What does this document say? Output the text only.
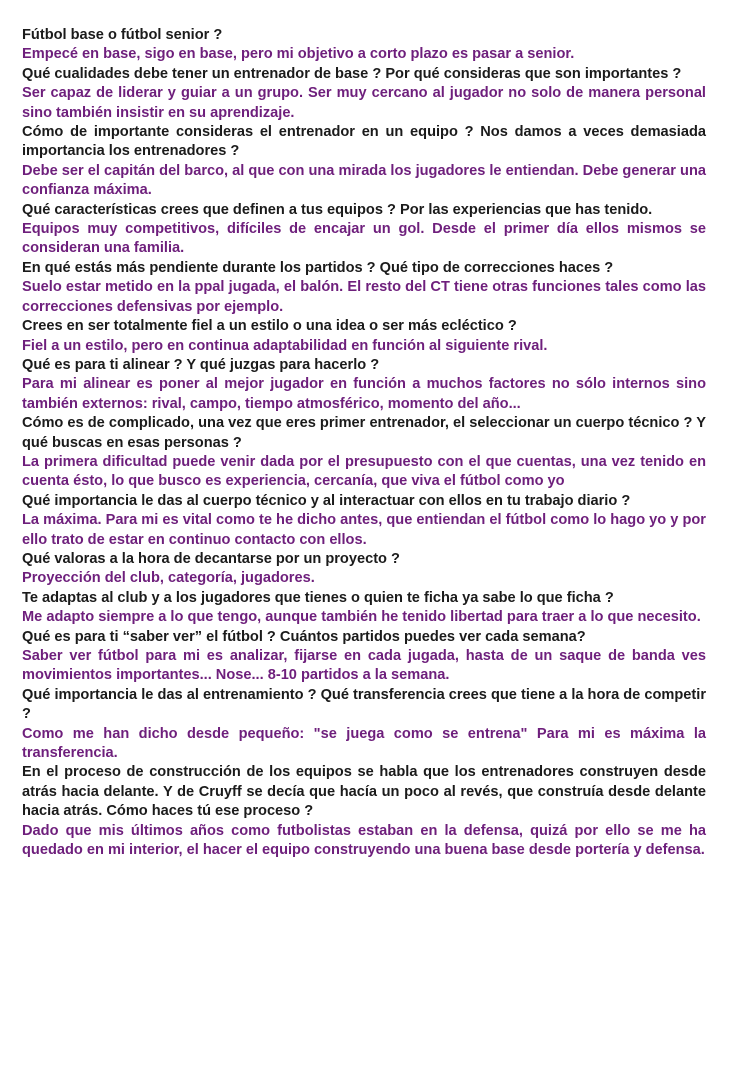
Fútbol base o fútbol senior ?

Empecé en base, sigo en base, pero mi objetivo a corto plazo es pasar a senior.

Qué cualidades debe tener un entrenador de base ? Por qué consideras que son importantes ?

Ser capaz de liderar y guiar a un grupo. Ser muy cercano al jugador no solo de manera personal sino también insistir en su aprendizaje.

Cómo de importante consideras el entrenador en un equipo ? Nos damos a veces demasiada importancia los entrenadores ?

Debe ser el capitán del barco, al que con una mirada los jugadores le entiendan. Debe generar una confianza máxima.

Qué características crees que definen a tus equipos ? Por las experiencias que has tenido.

Equipos muy competitivos, difíciles de encajar un gol. Desde el primer día ellos mismos se consideran una familia.

En qué estás más pendiente durante los partidos ? Qué tipo de correcciones haces ?

Suelo estar metido en la ppal jugada, el balón. El resto del CT tiene otras funciones tales como las correcciones defensivas por ejemplo.

Crees en ser totalmente fiel a un estilo o una idea o ser más ecléctico ?

Fiel a un estilo, pero en continua adaptabilidad en función al siguiente rival.

Qué es para ti alinear ? Y qué juzgas para hacerlo ?

Para mi alinear es poner al mejor jugador en función a muchos factores no sólo internos sino también externos: rival, campo, tiempo atmosférico, momento del año...

Cómo es de complicado, una vez que eres primer entrenador, el seleccionar un cuerpo técnico ? Y qué buscas en esas personas ?

La primera dificultad puede venir dada por el presupuesto con el que cuentas, una vez tenido en cuenta ésto, lo que busco es experiencia, cercanía, que viva el fútbol como yo

Qué importancia le das al cuerpo técnico y al interactuar con ellos en tu trabajo diario ?

La máxima. Para mi es vital como te he dicho antes, que entiendan el fútbol como lo hago yo y por ello trato de estar en continuo contacto con ellos.

Qué valoras a la hora de decantarse por un proyecto ?

Proyección del club, categoría, jugadores.

Te adaptas al club y a los jugadores que tienes o quien te ficha ya sabe lo que ficha ?

Me adapto siempre a lo que tengo, aunque también he tenido libertad para traer a lo que necesito.

Qué es para ti “saber ver” el fútbol ? Cuántos partidos puedes ver cada semana?

Saber ver fútbol para mi es analizar, fijarse en cada jugada, hasta de un saque de banda ves movimientos importantes... Nose... 8-10 partidos a la semana.

Qué importancia le das al entrenamiento ? Qué transferencia crees que tiene a la hora de competir ?

Como me han dicho desde pequeño: "se juega como se entrena" Para mi es máxima la transferencia.

En el proceso de construcción de los equipos se habla que los entrenadores construyen desde atrás hacia delante. Y de Cruyff se decía que hacía un poco al revés, que construía desde delante hacia atrás. Cómo haces tú ese proceso ?

Dado que mis últimos años como futbolistas estaban en la defensa, quizá por ello se me ha quedado en mi interior, el hacer el equipo construyendo una buena base desde portería y defensa.
